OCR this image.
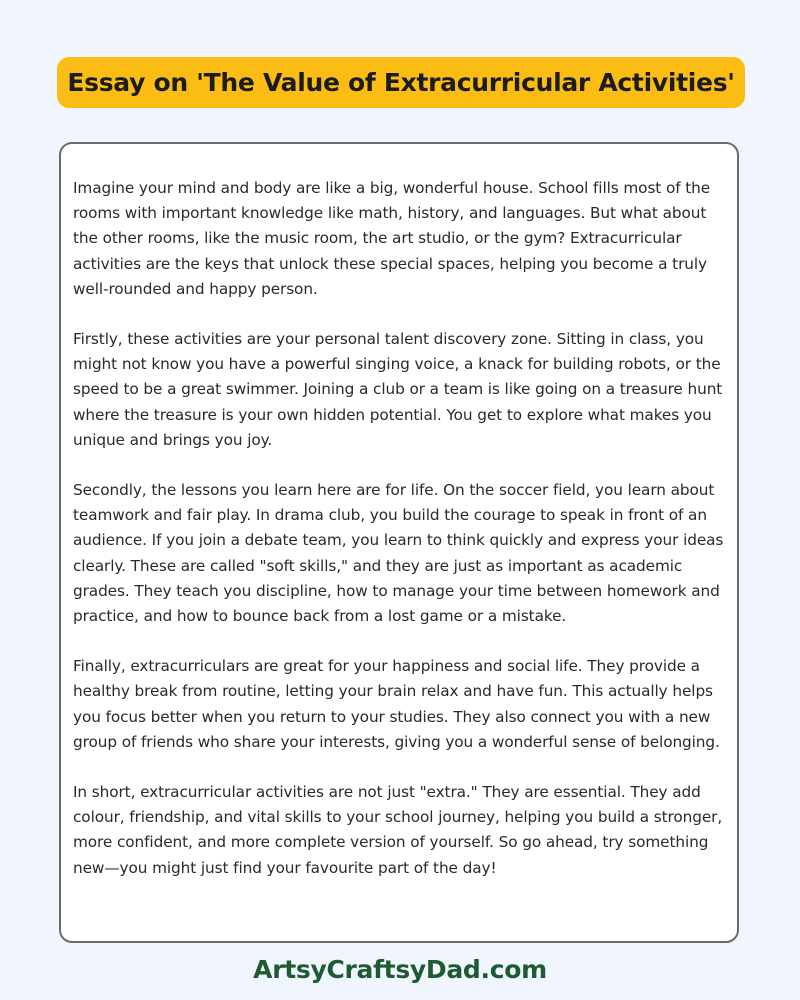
Essay on 'The Value of Extracurricular Activities'

Imagine your mind and body are like a big, wonderful house. School fills most of the rooms with important knowledge like math, history, and languages. But what about the other rooms, like the music room, the art studio, or the gym? Extracurricular activities are the keys that unlock these special spaces, helping you become a truly well-rounded and happy person.

Firstly, these activities are your personal talent discovery zone. Sitting in class, you might not know you have a powerful singing voice, a knack for building robots, or the speed to be a great swimmer. Joining a club or a team is like going on a treasure hunt where the treasure is your own hidden potential. You get to explore what makes you unique and brings you joy.

Secondly, the lessons you learn here are for life. On the soccer field, you learn about teamwork and fair play. In drama club, you build the courage to speak in front of an audience. If you join a debate team, you learn to think quickly and express your ideas clearly. These are called "soft skills," and they are just as important as academic grades. They teach you discipline, how to manage your time between homework and practice, and how to bounce back from a lost game or a mistake.

Finally, extracurriculars are great for your happiness and social life. They provide a healthy break from routine, letting your brain relax and have fun. This actually helps you focus better when you return to your studies. They also connect you with a new group of friends who share your interests, giving you a wonderful sense of belonging.

In short, extracurricular activities are not just "extra." They are essential. They add colour, friendship, and vital skills to your school journey, helping you build a stronger, more confident, and more complete version of yourself. So go ahead, try something new—you might just find your favourite part of the day!

ArtsyCraftsyDad.com
